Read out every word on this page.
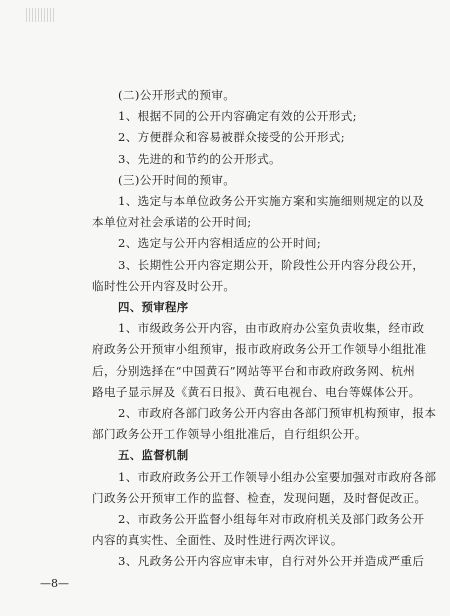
(二)公开形式的预审。
1、根据不同的公开内容确定有效的公开形式;
2、方便群众和容易被群众接受的公开形式;
3、先进的和节约的公开形式。
(三)公开时间的预审。
1、选定与本单位政务公开实施方案和实施细则规定的以及
本单位对社会承诺的公开时间;
2、选定与公开内容相适应的公开时间;
3、长期性公开内容定期公开，阶段性公开内容分段公开，
临时性公开内容及时公开。
四、预审程序
1、市级政务公开内容，由市政府办公室负责收集，经市政
府政务公开预审小组预审，报市政府政务公开工作领导小组批准
后，分别选择在“中国黄石”网站等平台和市政府政务网、杭州
路电子显示屏及《黄石日报》、黄石电视台、电台等媒体公开。
2、市政府各部门政务公开内容由各部门预审机构预审，报本
部门政务公开工作领导小组批准后，自行组织公开。
五、监督机制
1、市政府政务公开工作领导小组办公室要加强对市政府各部
门政务公开预审工作的监督、检查，发现问题，及时督促改正。
2、市政务公开监督小组每年对市政府机关及部门政务公开
内容的真实性、全面性、及时性进行两次评议。
3、凡政务公开内容应审未审，自行对外公开并造成严重后
—8—
